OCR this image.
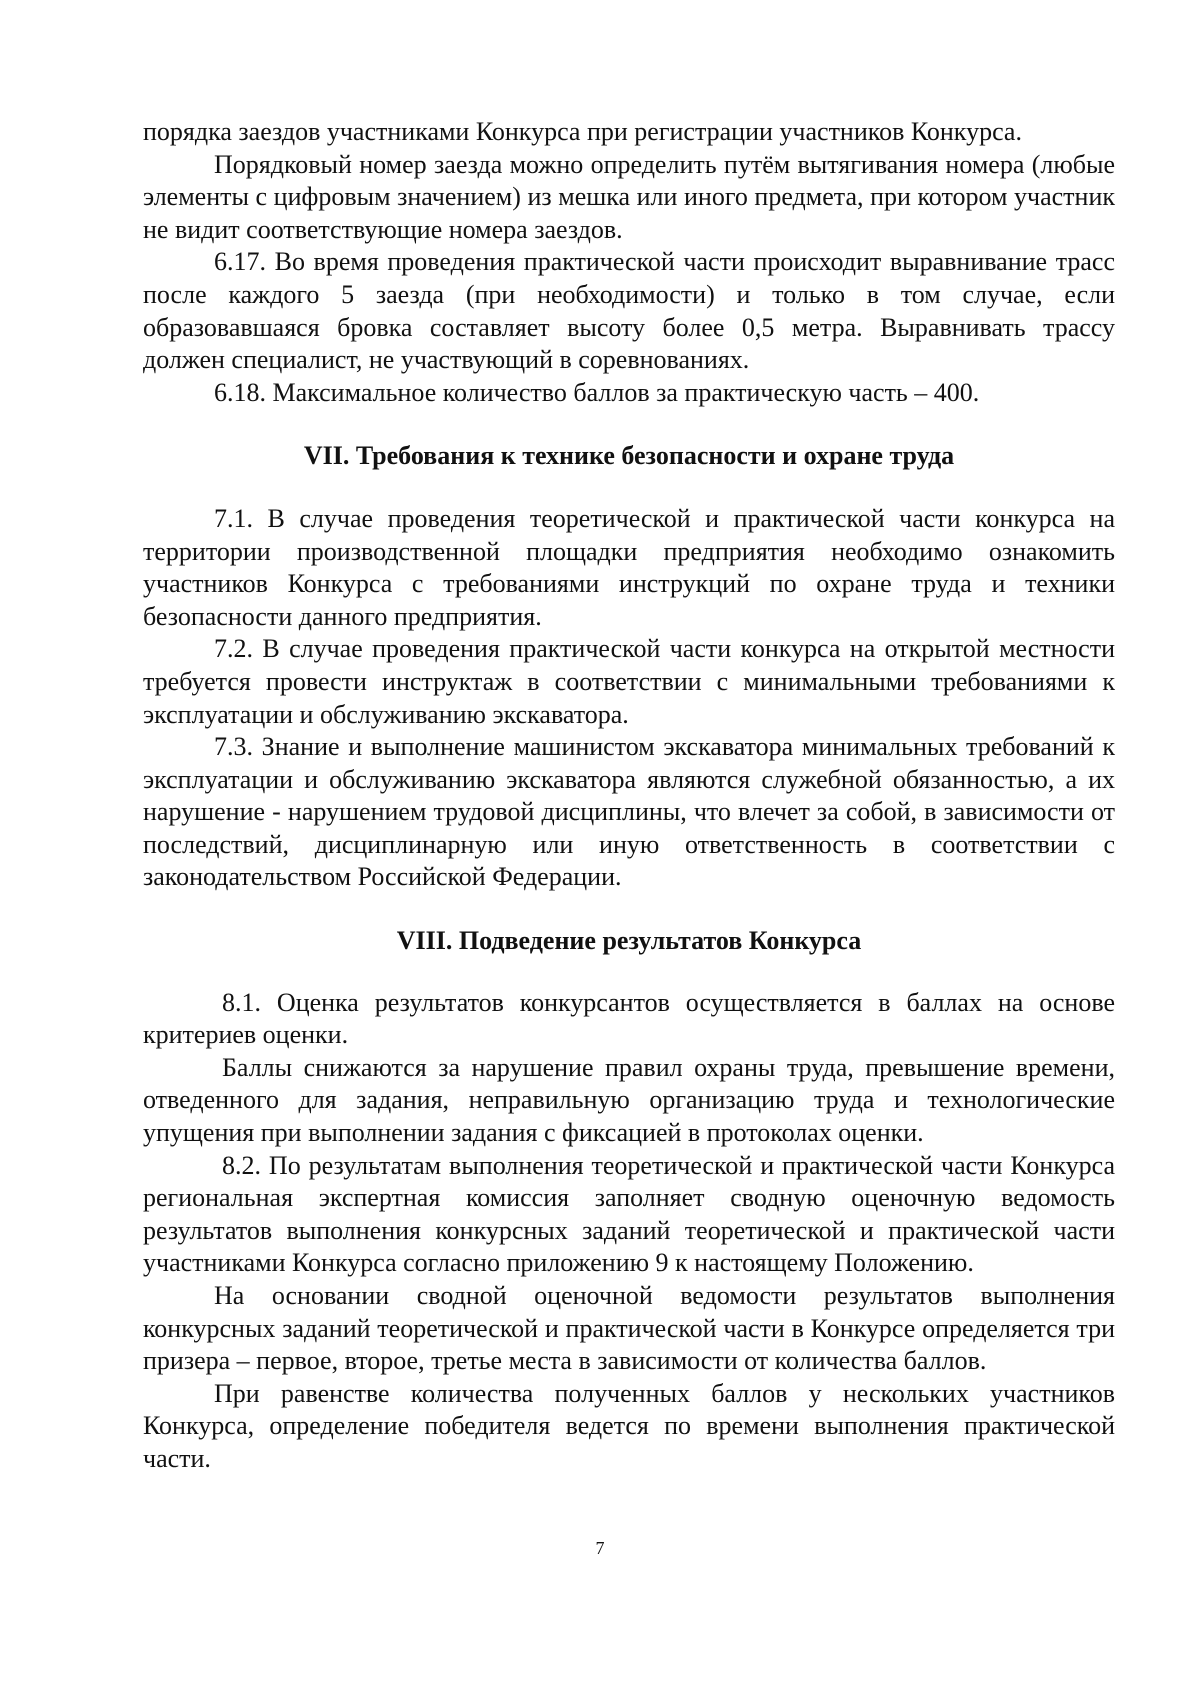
порядка заездов участниками Конкурса при регистрации участников Конкурса.

Порядковый номер заезда можно определить путём вытягивания номера (любые элементы с цифровым значением) из мешка или иного предмета, при котором участник не видит соответствующие номера заездов.

6.17. Во время проведения практической части происходит выравнивание трасс после каждого 5 заезда (при необходимости) и только в том случае, если образовавшаяся бровка составляет высоту более 0,5 метра. Выравнивать трассу должен специалист, не участвующий в соревнованиях.

6.18. Максимальное количество баллов за практическую часть – 400.

VII. Требования к технике безопасности и охране труда

7.1. В случае проведения теоретической и практической части конкурса на территории производственной площадки предприятия необходимо ознакомить участников Конкурса с требованиями инструкций по охране труда и техники безопасности данного предприятия.

7.2. В случае проведения практической части конкурса на открытой местности требуется провести инструктаж в соответствии с минимальными требованиями к эксплуатации и обслуживанию экскаватора.

7.3. Знание и выполнение машинистом экскаватора минимальных требований к эксплуатации и обслуживанию экскаватора являются служебной обязанностью, а их нарушение - нарушением трудовой дисциплины, что влечет за собой, в зависимости от последствий, дисциплинарную или иную ответственность в соответствии с законодательством Российской Федерации.

VIII. Подведение результатов Конкурса

8.1. Оценка результатов конкурсантов осуществляется в баллах на основе критериев оценки.

Баллы снижаются за нарушение правил охраны труда, превышение времени, отведенного для задания, неправильную организацию труда и технологические упущения при выполнении задания с фиксацией в протоколах оценки.

8.2. По результатам выполнения теоретической и практической части Конкурса региональная экспертная комиссия заполняет сводную оценочную ведомость результатов выполнения конкурсных заданий теоретической и практической части участниками Конкурса согласно приложению 9 к настоящему Положению.

На основании сводной оценочной ведомости результатов выполнения конкурсных заданий теоретической и практической части в Конкурсе определяется три призера – первое, второе, третье места в зависимости от количества баллов.

При равенстве количества полученных баллов у нескольких участников Конкурса, определение победителя ведется по времени выполнения практической части.

7
